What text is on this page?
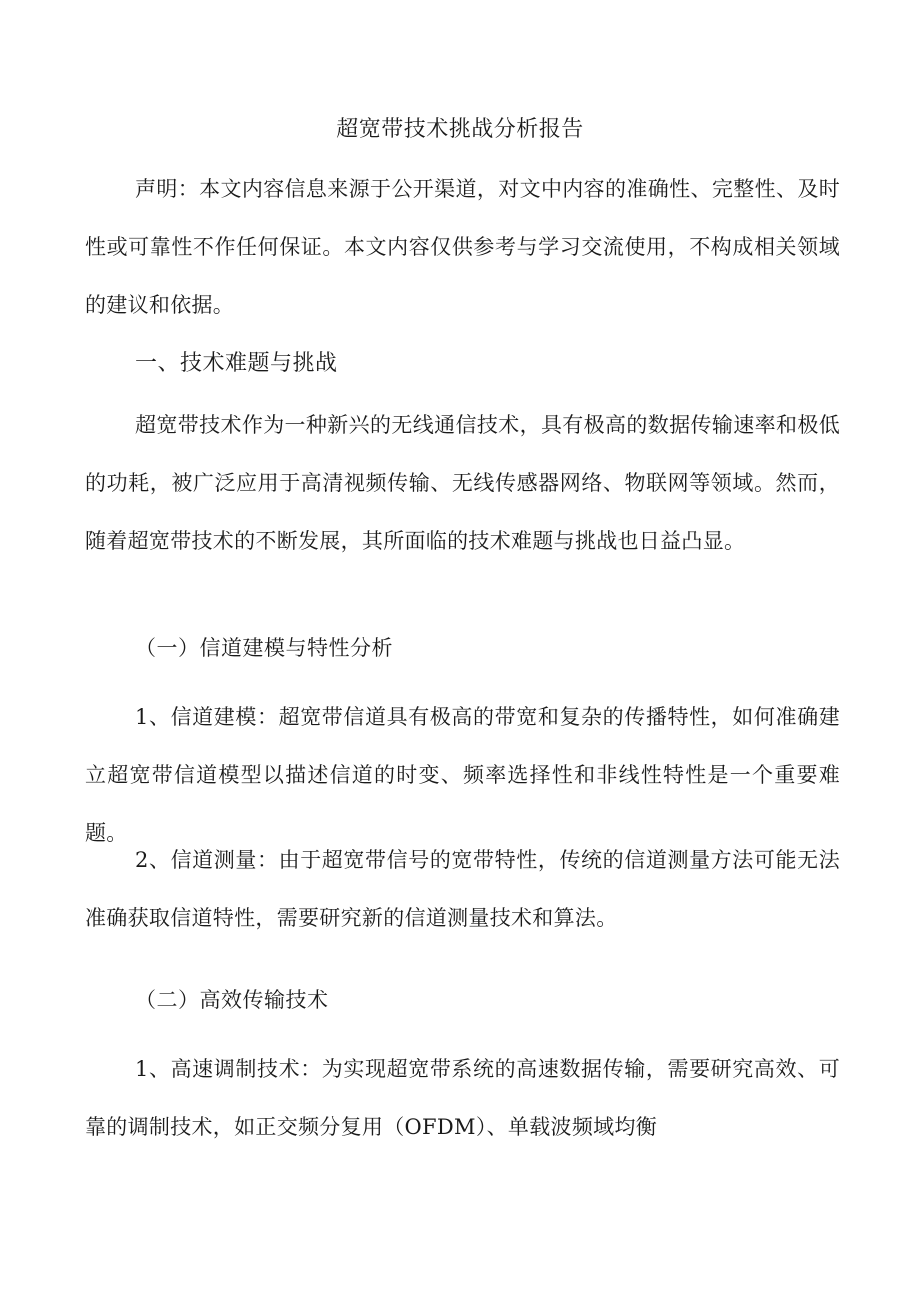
超宽带技术挑战分析报告

声明：本文内容信息来源于公开渠道，对文中内容的准确性、完整性、及时性或可靠性不作任何保证。本文内容仅供参考与学习交流使用，不构成相关领域的建议和依据。

一、技术难题与挑战

超宽带技术作为一种新兴的无线通信技术，具有极高的数据传输速率和极低的功耗，被广泛应用于高清视频传输、无线传感器网络、物联网等领域。然而，随着超宽带技术的不断发展，其所面临的技术难题与挑战也日益凸显。

（一）信道建模与特性分析

1、信道建模：超宽带信道具有极高的带宽和复杂的传播特性，如何准确建立超宽带信道模型以描述信道的时变、频率选择性和非线性特性是一个重要难题。

2、信道测量：由于超宽带信号的宽带特性，传统的信道测量方法可能无法准确获取信道特性，需要研究新的信道测量技术和算法。

（二）高效传输技术

1、高速调制技术：为实现超宽带系统的高速数据传输，需要研究高效、可靠的调制技术，如正交频分复用（OFDM）、单载波频域均衡
